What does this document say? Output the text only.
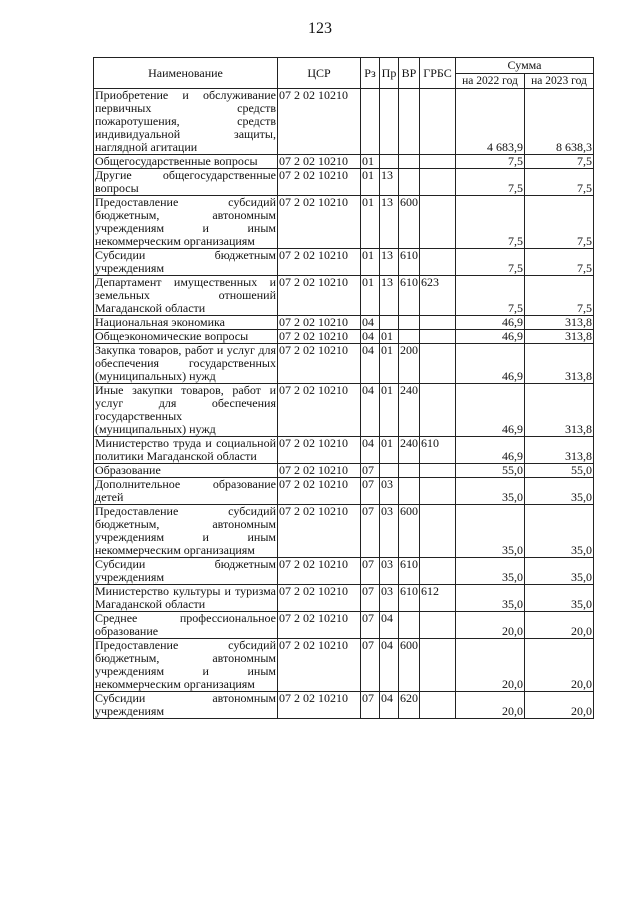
123
Наименование	ЦСР	Рз	Пр	ВР	ГРБС	Сумма	
						на 2022 год	на 2023 год
Приобретение и обслуживание первичных средств пожаротушения, средств индивидуальной защиты, наглядной агитации	07 2 02 10210					4 683,9	8 638,3
Общегосударственные вопросы	07 2 02 10210	01				7,5	7,5
Другие общегосударственные вопросы	07 2 02 10210	01	13			7,5	7,5
Предоставление субсидий бюджетным, автономным учреждениям и иным некоммерческим организациям	07 2 02 10210	01	13	600		7,5	7,5
Субсидии бюджетным учреждениям	07 2 02 10210	01	13	610		7,5	7,5
Департамент имущественных и земельных отношений Магаданской области	07 2 02 10210	01	13	610	623	7,5	7,5
Национальная экономика	07 2 02 10210	04				46,9	313,8
Общеэкономические вопросы	07 2 02 10210	04	01			46,9	313,8
Закупка товаров, работ и услуг для обеспечения государственных (муниципальных) нужд	07 2 02 10210	04	01	200		46,9	313,8
Иные закупки товаров, работ и услуг для обеспечения государственных (муниципальных) нужд	07 2 02 10210	04	01	240		46,9	313,8
Министерство труда и социальной политики Магаданской области	07 2 02 10210	04	01	240	610	46,9	313,8
Образование	07 2 02 10210	07				55,0	55,0
Дополнительное образование детей	07 2 02 10210	07	03			35,0	35,0
Предоставление субсидий бюджетным, автономным учреждениям и иным некоммерческим организациям	07 2 02 10210	07	03	600		35,0	35,0
Субсидии бюджетным учреждениям	07 2 02 10210	07	03	610		35,0	35,0
Министерство культуры и туризма Магаданской области	07 2 02 10210	07	03	610	612	35,0	35,0
Среднее профессиональное образование	07 2 02 10210	07	04			20,0	20,0
Предоставление субсидий бюджетным, автономным учреждениям и иным некоммерческим организациям	07 2 02 10210	07	04	600		20,0	20,0
Субсидии автономным учреждениям	07 2 02 10210	07	04	620		20,0	20,0
